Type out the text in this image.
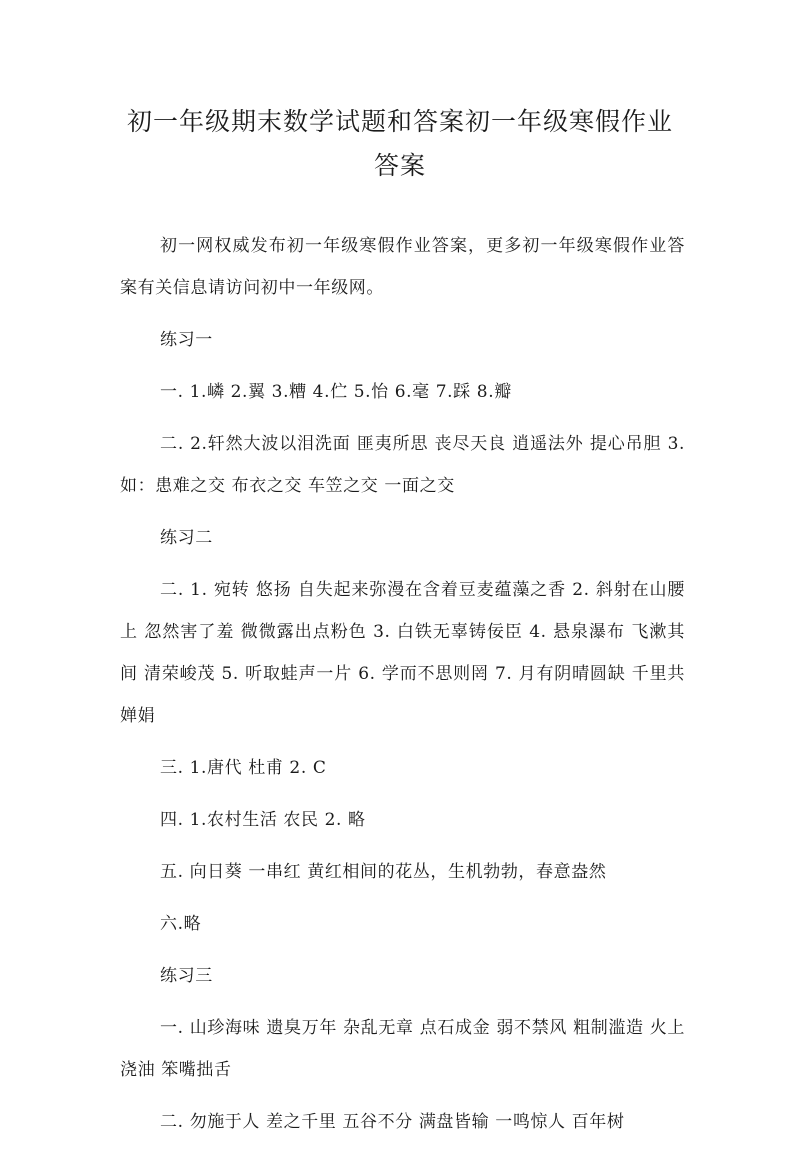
初一年级期末数学试题和答案初一年级寒假作业答案

初一网权威发布初一年级寒假作业答案，更多初一年级寒假作业答案有关信息请访问初中一年级网。

练习一

一. 1.嶙 2.翼 3.糟 4.伫 5.怡 6.毫 7.踩 8.瓣

二. 2.轩然大波以泪洗面 匪夷所思 丧尽天良 逍遥法外 提心吊胆 3.如：患难之交 布衣之交 车笠之交 一面之交

练习二

二. 1. 宛转 悠扬 自失起来弥漫在含着豆麦蕴藻之香 2. 斜射在山腰上 忽然害了羞 微微露出点粉色 3. 白铁无辜铸佞臣 4. 悬泉瀑布 飞漱其间 清荣峻茂 5. 听取蛙声一片 6. 学而不思则罔 7. 月有阴晴圆缺 千里共婵娟

三. 1.唐代 杜甫 2. C

四. 1.农村生活 农民 2. 略

五. 向日葵 一串红 黄红相间的花丛，生机勃勃，春意盎然

六.略

练习三

一. 山珍海味 遗臭万年 杂乱无章 点石成金 弱不禁风 粗制滥造 火上浇油 笨嘴拙舌

二. 勿施于人 差之千里 五谷不分 满盘皆输 一鸣惊人 百年树
